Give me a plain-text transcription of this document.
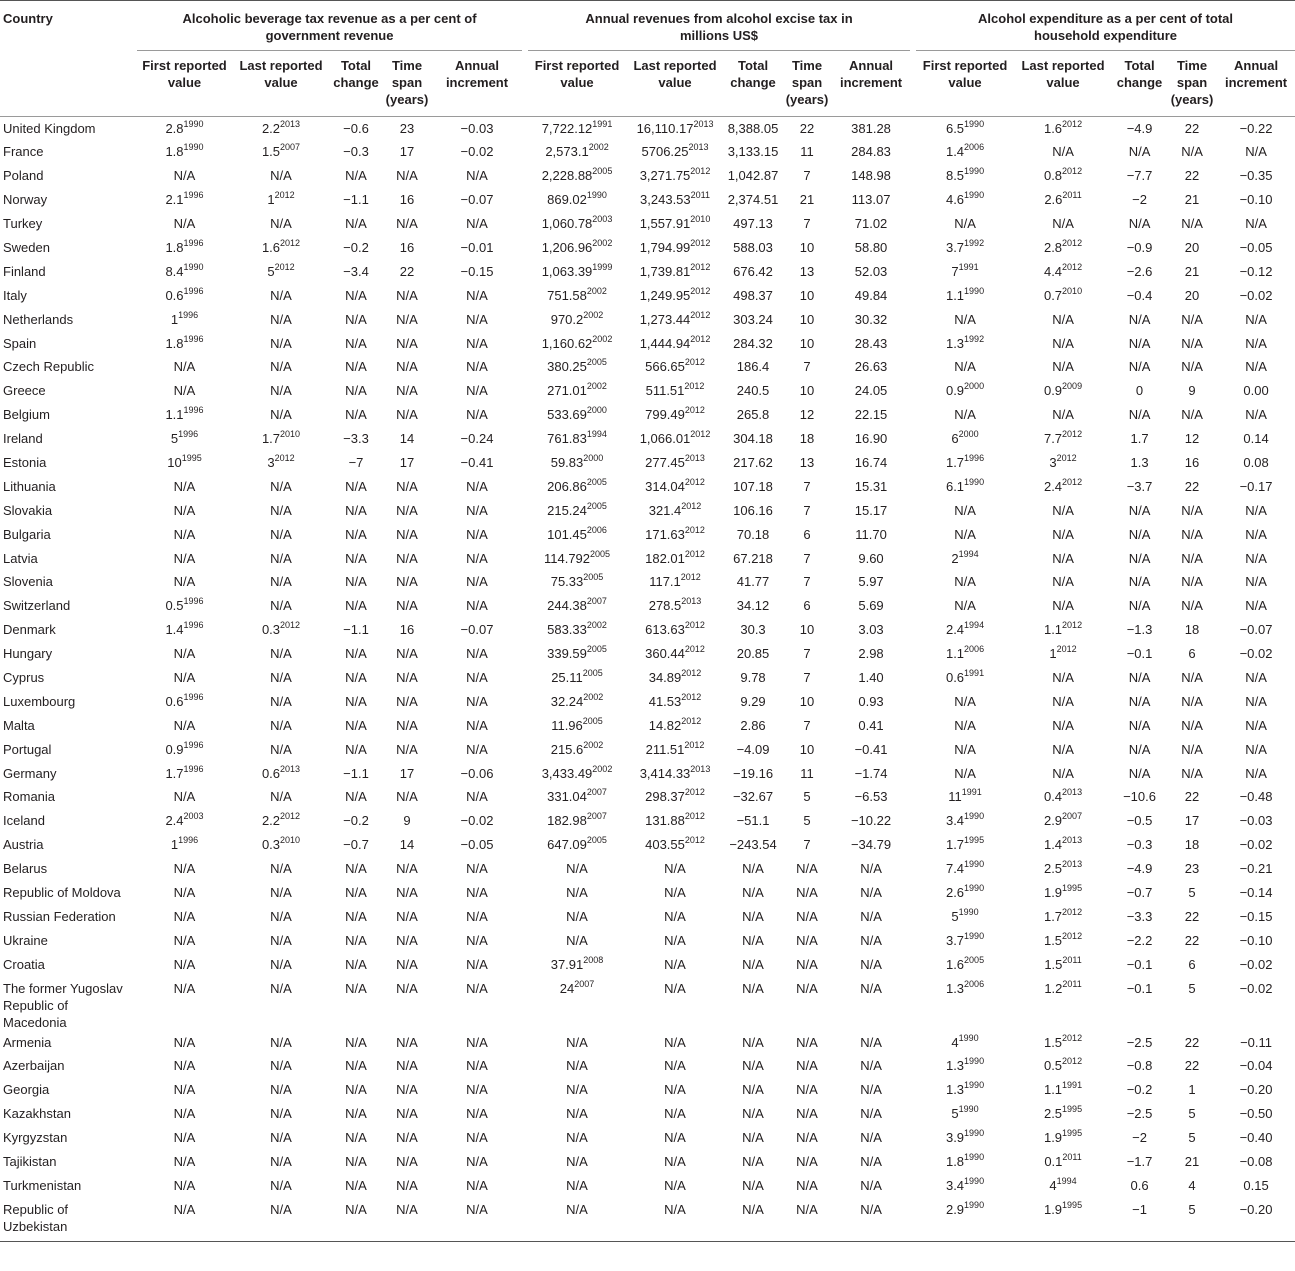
Country	Alcoholic beverage tax revenue as a per cent of government revenue						Annual revenues from alcohol excise tax in millions US$						Alcohol expenditure as a per cent of total household expenditure				
	First reported value	Last reported value	Total change	Time span (years)	Annual increment		First reported value	Last reported value	Total change	Time span (years)	Annual increment		First reported value	Last reported value	Total change	Time span (years)	Annual increment

United Kingdom	$2.8^{1990}$	$2.2^{2013}$	−0.6	23	−0.03		$7,722.12^{1991}$	$16,110.17^{2013}$	8,388.05	22	381.28		$6.5^{1990}$	$1.6^{2012}$	−4.9	22	−0.22
France	$1.8^{1990}$	$1.5^{2007}$	−0.3	17	−0.02		$2,573.1^{2002}$	$5706.25^{2013}$	3,133.15	11	284.83		$1.4^{2006}$	N/A	N/A	N/A	N/A
Poland	N/A	N/A	N/A	N/A	N/A		$2,228.88^{2005}$	$3,271.75^{2012}$	1,042.87	7	148.98		$8.5^{1990}$	$0.8^{2012}$	−7.7	22	−0.35
Norway	$2.1^{1996}$	$1^{2012}$	−1.1	16	−0.07		$869.02^{1990}$	$3,243.53^{2011}$	2,374.51	21	113.07		$4.6^{1990}$	$2.6^{2011}$	−2	21	−0.10
Turkey	N/A	N/A	N/A	N/A	N/A		$1,060.78^{2003}$	$1,557.91^{2010}$	497.13	7	71.02		N/A	N/A	N/A	N/A	N/A
Sweden	$1.8^{1996}$	$1.6^{2012}$	−0.2	16	−0.01		$1,206.96^{2002}$	$1,794.99^{2012}$	588.03	10	58.80		$3.7^{1992}$	$2.8^{2012}$	−0.9	20	−0.05
Finland	$8.4^{1990}$	$5^{2012}$	−3.4	22	−0.15		$1,063.39^{1999}$	$1,739.81^{2012}$	676.42	13	52.03		$7^{1991}$	$4.4^{2012}$	−2.6	21	−0.12
Italy	$0.6^{1996}$	N/A	N/A	N/A	N/A		$751.58^{2002}$	$1,249.95^{2012}$	498.37	10	49.84		$1.1^{1990}$	$0.7^{2010}$	−0.4	20	−0.02
Netherlands	$1^{1996}$	N/A	N/A	N/A	N/A		$970.2^{2002}$	$1,273.44^{2012}$	303.24	10	30.32		N/A	N/A	N/A	N/A	N/A
Spain	$1.8^{1996}$	N/A	N/A	N/A	N/A		$1,160.62^{2002}$	$1,444.94^{2012}$	284.32	10	28.43		$1.3^{1992}$	N/A	N/A	N/A	N/A
Czech Republic	N/A	N/A	N/A	N/A	N/A		$380.25^{2005}$	$566.65^{2012}$	186.4	7	26.63		N/A	N/A	N/A	N/A	N/A
Greece	N/A	N/A	N/A	N/A	N/A		$271.01^{2002}$	$511.51^{2012}$	240.5	10	24.05		$0.9^{2000}$	$0.9^{2009}$	0	9	0.00
Belgium	$1.1^{1996}$	N/A	N/A	N/A	N/A		$533.69^{2000}$	$799.49^{2012}$	265.8	12	22.15		N/A	N/A	N/A	N/A	N/A
Ireland	$5^{1996}$	$1.7^{2010}$	−3.3	14	−0.24		$761.83^{1994}$	$1,066.01^{2012}$	304.18	18	16.90		$6^{2000}$	$7.7^{2012}$	1.7	12	0.14
Estonia	$10^{1995}$	$3^{2012}$	−7	17	−0.41		$59.83^{2000}$	$277.45^{2013}$	217.62	13	16.74		$1.7^{1996}$	$3^{2012}$	1.3	16	0.08
Lithuania	N/A	N/A	N/A	N/A	N/A		$206.86^{2005}$	$314.04^{2012}$	107.18	7	15.31		$6.1^{1990}$	$2.4^{2012}$	−3.7	22	−0.17
Slovakia	N/A	N/A	N/A	N/A	N/A		$215.24^{2005}$	$321.4^{2012}$	106.16	7	15.17		N/A	N/A	N/A	N/A	N/A
Bulgaria	N/A	N/A	N/A	N/A	N/A		$101.45^{2006}$	$171.63^{2012}$	70.18	6	11.70		N/A	N/A	N/A	N/A	N/A
Latvia	N/A	N/A	N/A	N/A	N/A		$114.792^{2005}$	$182.01^{2012}$	67.218	7	9.60		$2^{1994}$	N/A	N/A	N/A	N/A
Slovenia	N/A	N/A	N/A	N/A	N/A		$75.33^{2005}$	$117.1^{2012}$	41.77	7	5.97		N/A	N/A	N/A	N/A	N/A
Switzerland	$0.5^{1996}$	N/A	N/A	N/A	N/A		$244.38^{2007}$	$278.5^{2013}$	34.12	6	5.69		N/A	N/A	N/A	N/A	N/A
Denmark	$1.4^{1996}$	$0.3^{2012}$	−1.1	16	−0.07		$583.33^{2002}$	$613.63^{2012}$	30.3	10	3.03		$2.4^{1994}$	$1.1^{2012}$	−1.3	18	−0.07
Hungary	N/A	N/A	N/A	N/A	N/A		$339.59^{2005}$	$360.44^{2012}$	20.85	7	2.98		$1.1^{2006}$	$1^{2012}$	−0.1	6	−0.02
Cyprus	N/A	N/A	N/A	N/A	N/A		$25.11^{2005}$	$34.89^{2012}$	9.78	7	1.40		$0.6^{1991}$	N/A	N/A	N/A	N/A
Luxembourg	$0.6^{1996}$	N/A	N/A	N/A	N/A		$32.24^{2002}$	$41.53^{2012}$	9.29	10	0.93		N/A	N/A	N/A	N/A	N/A
Malta	N/A	N/A	N/A	N/A	N/A		$11.96^{2005}$	$14.82^{2012}$	2.86	7	0.41		N/A	N/A	N/A	N/A	N/A
Portugal	$0.9^{1996}$	N/A	N/A	N/A	N/A		$215.6^{2002}$	$211.51^{2012}$	−4.09	10	−0.41		N/A	N/A	N/A	N/A	N/A
Germany	$1.7^{1996}$	$0.6^{2013}$	−1.1	17	−0.06		$3,433.49^{2002}$	$3,414.33^{2013}$	−19.16	11	−1.74		N/A	N/A	N/A	N/A	N/A
Romania	N/A	N/A	N/A	N/A	N/A		$331.04^{2007}$	$298.37^{2012}$	−32.67	5	−6.53		$11^{1991}$	$0.4^{2013}$	−10.6	22	−0.48
Iceland	$2.4^{2003}$	$2.2^{2012}$	−0.2	9	−0.02		$182.98^{2007}$	$131.88^{2012}$	−51.1	5	−10.22		$3.4^{1990}$	$2.9^{2007}$	−0.5	17	−0.03
Austria	$1^{1996}$	$0.3^{2010}$	−0.7	14	−0.05		$647.09^{2005}$	$403.55^{2012}$	−243.54	7	−34.79		$1.7^{1995}$	$1.4^{2013}$	−0.3	18	−0.02
Belarus	N/A	N/A	N/A	N/A	N/A		N/A	N/A	N/A	N/A	N/A		$7.4^{1990}$	$2.5^{2013}$	−4.9	23	−0.21
Republic of Moldova	N/A	N/A	N/A	N/A	N/A		N/A	N/A	N/A	N/A	N/A		$2.6^{1990}$	$1.9^{1995}$	−0.7	5	−0.14
Russian Federation	N/A	N/A	N/A	N/A	N/A		N/A	N/A	N/A	N/A	N/A		$5^{1990}$	$1.7^{2012}$	−3.3	22	−0.15
Ukraine	N/A	N/A	N/A	N/A	N/A		N/A	N/A	N/A	N/A	N/A		$3.7^{1990}$	$1.5^{2012}$	−2.2	22	−0.10
Croatia	N/A	N/A	N/A	N/A	N/A		$37.91^{2008}$	N/A	N/A	N/A	N/A		$1.6^{2005}$	$1.5^{2011}$	−0.1	6	−0.02
The former Yugoslav Republic of Macedonia	N/A	N/A	N/A	N/A	N/A		$24^{2007}$	N/A	N/A	N/A	N/A		$1.3^{2006}$	$1.2^{2011}$	−0.1	5	−0.02
Armenia	N/A	N/A	N/A	N/A	N/A		N/A	N/A	N/A	N/A	N/A		$4^{1990}$	$1.5^{2012}$	−2.5	22	−0.11
Azerbaijan	N/A	N/A	N/A	N/A	N/A		N/A	N/A	N/A	N/A	N/A		$1.3^{1990}$	$0.5^{2012}$	−0.8	22	−0.04
Georgia	N/A	N/A	N/A	N/A	N/A		N/A	N/A	N/A	N/A	N/A		$1.3^{1990}$	$1.1^{1991}$	−0.2	1	−0.20
Kazakhstan	N/A	N/A	N/A	N/A	N/A		N/A	N/A	N/A	N/A	N/A		$5^{1990}$	$2.5^{1995}$	−2.5	5	−0.50
Kyrgyzstan	N/A	N/A	N/A	N/A	N/A		N/A	N/A	N/A	N/A	N/A		$3.9^{1990}$	$1.9^{1995}$	−2	5	−0.40
Tajikistan	N/A	N/A	N/A	N/A	N/A		N/A	N/A	N/A	N/A	N/A		$1.8^{1990}$	$0.1^{2011}$	−1.7	21	−0.08
Turkmenistan	N/A	N/A	N/A	N/A	N/A		N/A	N/A	N/A	N/A	N/A		$3.4^{1990}$	$4^{1994}$	0.6	4	0.15
Republic of Uzbekistan	N/A	N/A	N/A	N/A	N/A		N/A	N/A	N/A	N/A	N/A		$2.9^{1990}$	$1.9^{1995}$	−1	5	−0.20
